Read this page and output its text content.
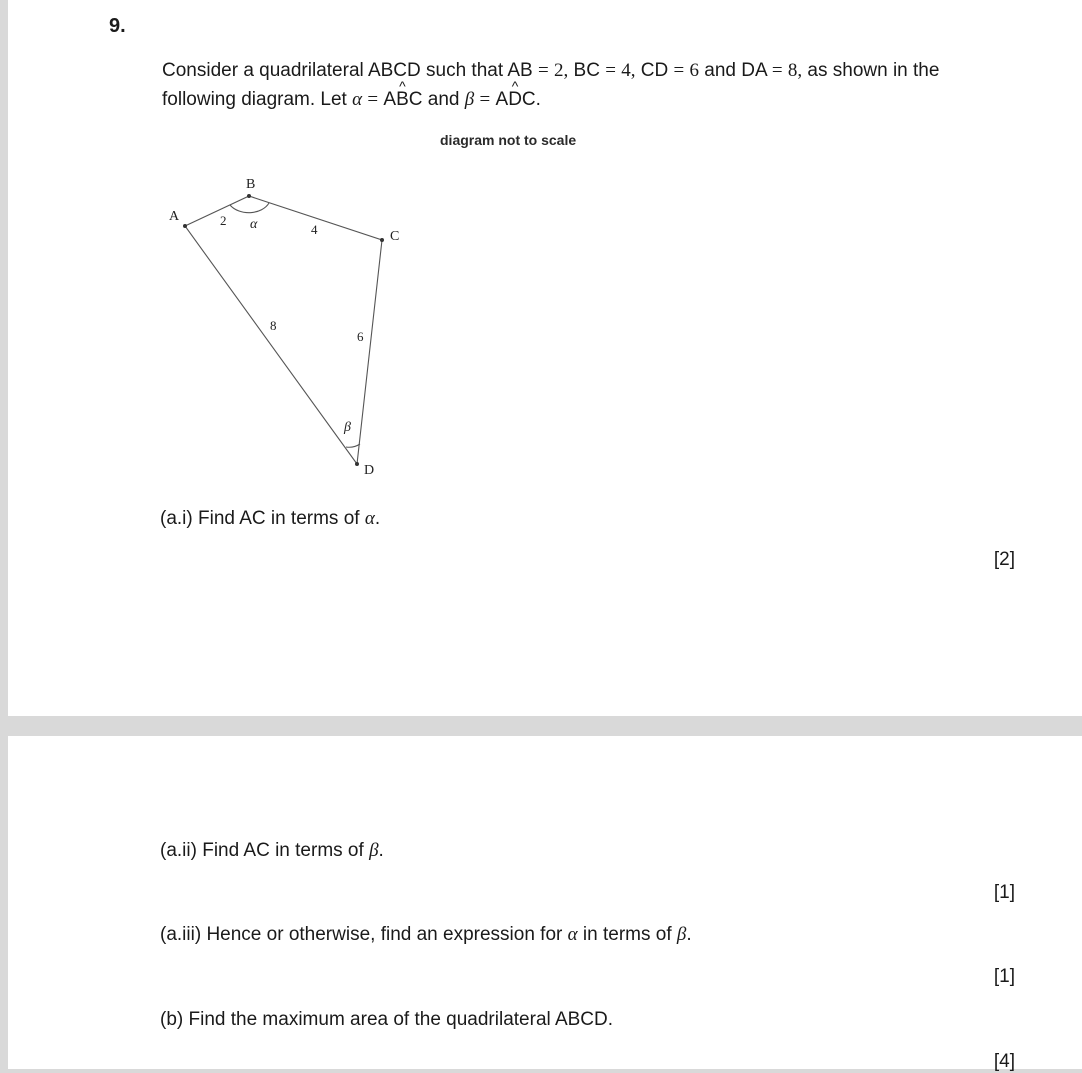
9.
Consider a quadrilateral ABCD such that AB = 2, BC = 4, CD = 6 and DA = 8, as shown in the
following diagram. Let α = A^ BC and β = A^ DC.
diagram not to scale
A
B
C
D
2
4
6
8
α
β
(a.i) Find AC in terms of α.
[2]
(a.ii) Find AC in terms of β.
[1]
(a.iii) Hence or otherwise, find an expression for α in terms of β.
[1]
(b) Find the maximum area of the quadrilateral ABCD.
[4]
